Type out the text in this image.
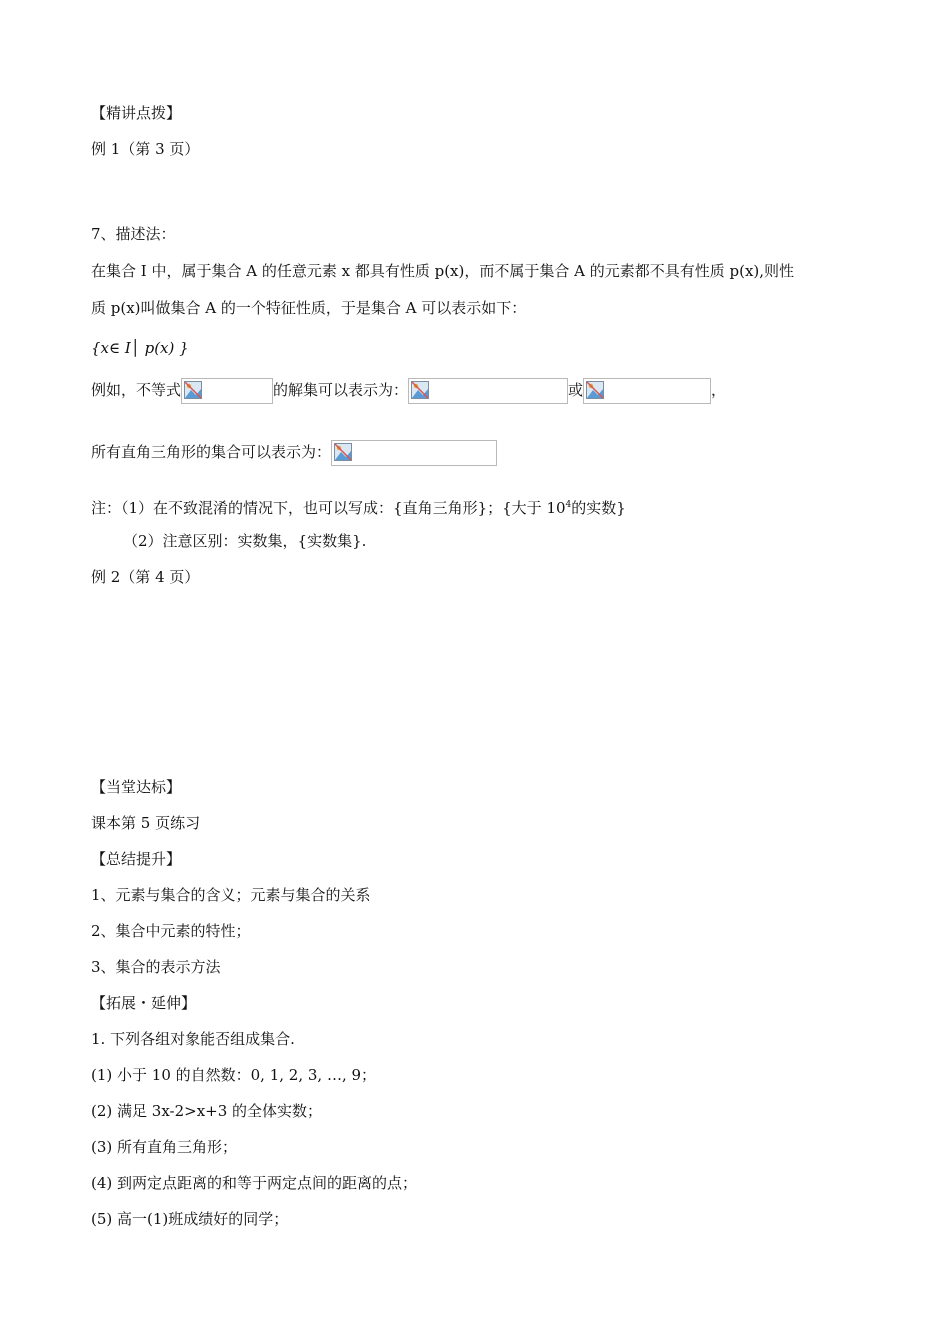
【精讲点拨】
例 1（第 3 页）
7、描述法：
在集合 I 中，属于集合 A 的任意元素 x 都具有性质 p(x)，而不属于集合 A 的元素都不具有性质 p(x),则性
质 p(x)叫做集合 A 的一个特征性质，于是集合 A 可以表示如下：
{x∈ I│ p(x) }
例如，不等式	的解集可以表示为：	或	，
所有直角三角形的集合可以表示为：
注：（1）在不致混淆的情况下，也可以写成：{直角三角形}；{大于 $10^4$的实数}
（2）注意区别：实数集，{实数集}.
例 2（第 4 页）
【当堂达标】
课本第 5 页练习
【总结提升】
1、元素与集合的含义；元素与集合的关系
2、集合中元素的特性；
3、集合的表示方法
【拓展・延伸】
1. 下列各组对象能否组成集合.
(1) 小于 10 的自然数：0, 1, 2, 3, …, 9；
(2) 满足 3x-2>x+3 的全体实数；
(3) 所有直角三角形；
(4) 到两定点距离的和等于两定点间的距离的点；
(5) 高一(1)班成绩好的同学；
